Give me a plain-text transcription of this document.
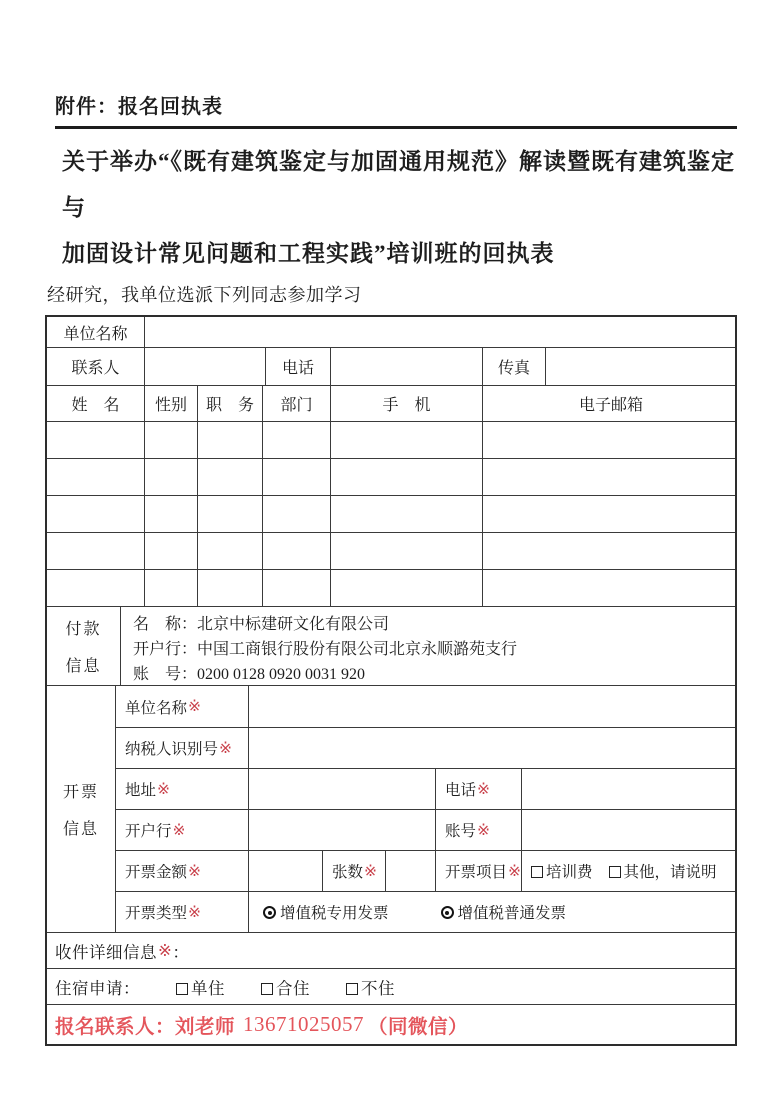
附件：报名回执表
关于举办“《既有建筑鉴定与加固通用规范》解读暨既有建筑鉴定与
加固设计常见问题和工程实践”培训班的回执表
经研究，我单位选派下列同志参加学习
单位名称
联系人	电话	传真
姓　名	性别	职　务	部门	手　机	电子邮箱
付款
信息
名　称：北京中标建研文化有限公司
开户行：中国工商银行股份有限公司北京永顺潞苑支行
账　号：0200 0128 0920 0031 920
开票
信息
单位名称 ※
纳税人识别号 ※
地址 ※	电话 ※
开户行 ※	账号 ※
开票金额 ※	张数 ※	开票项目 ※	培训费	其他，请说明
开票类型 ※	增值税专用发票	增值税普通发票
收件详细信息 ※ ：
住宿申请：	单住	合住	不住
报名联系人：刘老师 13671025057 （同微信）
